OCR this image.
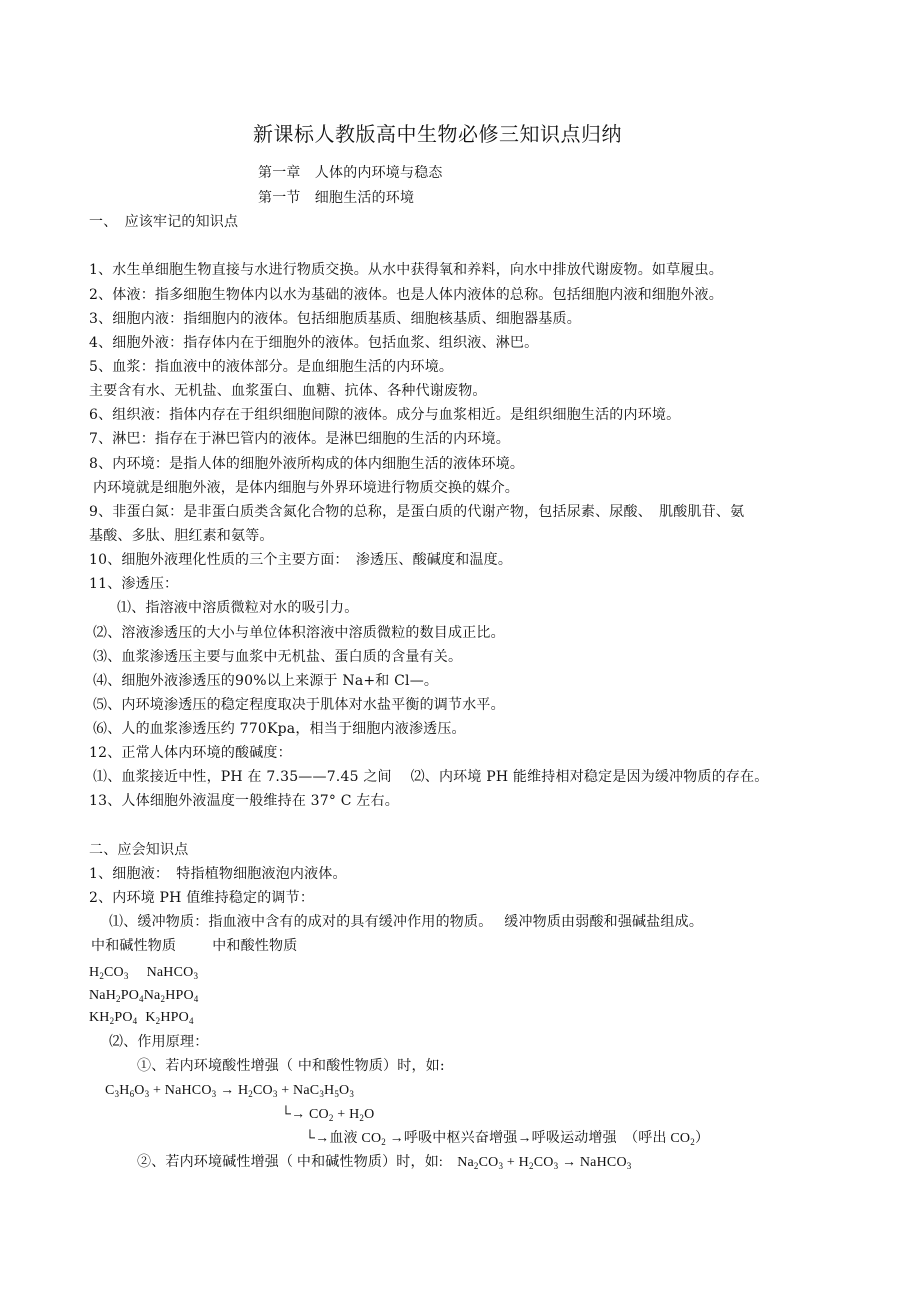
新课标人教版高中生物必修三知识点归纳
第一章　人体的内环境与稳态
第一节　细胞生活的环境
一、　应该牢记的知识点
1、水生单细胞生物直接与水进行物质交换。从水中获得氧和养料，向水中排放代谢废物。如草履虫。
2、体液：指多细胞生物体内以水为基础的液体。也是人体内液体的总称。包括细胞内液和细胞外液。
3、细胞内液：指细胞内的液体。包括细胞质基质、细胞核基质、细胞器基质。
4、细胞外液：指存体内在于细胞外的液体。包括血浆、组织液、淋巴。
5、血浆：指血液中的液体部分。是血细胞生活的内环境。
主要含有水、无机盐、血浆蛋白、血糖、抗体、各种代谢废物。
6、组织液：指体内存在于组织细胞间隙的液体。成分与血浆相近。是组织细胞生活的内环境。
7、淋巴：指存在于淋巴管内的液体。是淋巴细胞的生活的内环境。
8、内环境：是指人体的细胞外液所构成的体内细胞生活的液体环境。
内环境就是细胞外液，是体内细胞与外界环境进行物质交换的媒介。
9、非蛋白氮：是非蛋白质类含氮化合物的总称，是蛋白质的代谢产物，包括尿素、尿酸、　肌酸肌苷、氨
基酸、多肽、胆红素和氨等。
10、细胞外液理化性质的三个主要方面：　渗透压、酸碱度和温度。
11、渗透压：
⑴、指溶液中溶质微粒对水的吸引力。
⑵、溶液渗透压的大小与单位体积溶液中溶质微粒的数目成正比。
⑶、血浆渗透压主要与血浆中无机盐、蛋白质的含量有关。
⑷、细胞外液渗透压的90%以上来源于 Na+和 Cl—。
⑸、内环境渗透压的稳定程度取决于肌体对水盐平衡的调节水平。
⑹、人的血浆渗透压约 770Kpa，相当于细胞内液渗透压。
12、正常人体内环境的酸碱度：
⑴、血浆接近中性，PH 在 7.35——7.45 之间　 ⑵、内环境 PH 能维持相对稳定是因为缓冲物质的存在。
13、人体细胞外液温度一般维持在 37° C 左右。
二、应会知识点
1、细胞液：　特指植物细胞液泡内液体。
2、内环境 PH 值维持稳定的调节：
⑴、缓冲物质：指血液中含有的成对的具有缓冲作用的物质。　 缓冲物质由弱酸和强碱盐组成。
中和碱性物质	中和酸性物质
$H_2CO_3$ NaHCO$_3$
$NaH_2PO_4Na_2HPO_4$
$KH_2PO_4$ $K_2HPO_4$
⑵、作用原理：
①、若内环境酸性增强（ 中和酸性物质）时，如:
$C_3H_6O_3$ + NaHCO$_3$ → $H_2CO_3 + NaC_3H_5O_3$
└→ $CO_2 + H_2O$
└→血液 $CO_2$ →呼吸中枢兴奋增强→呼吸运动增强　（呼出 $CO_2$）
②、若内环境碱性增强（ 中和碱性物质）时，如:　$Na_2CO_3 + H_2CO_3$ → NaHCO$_3$
